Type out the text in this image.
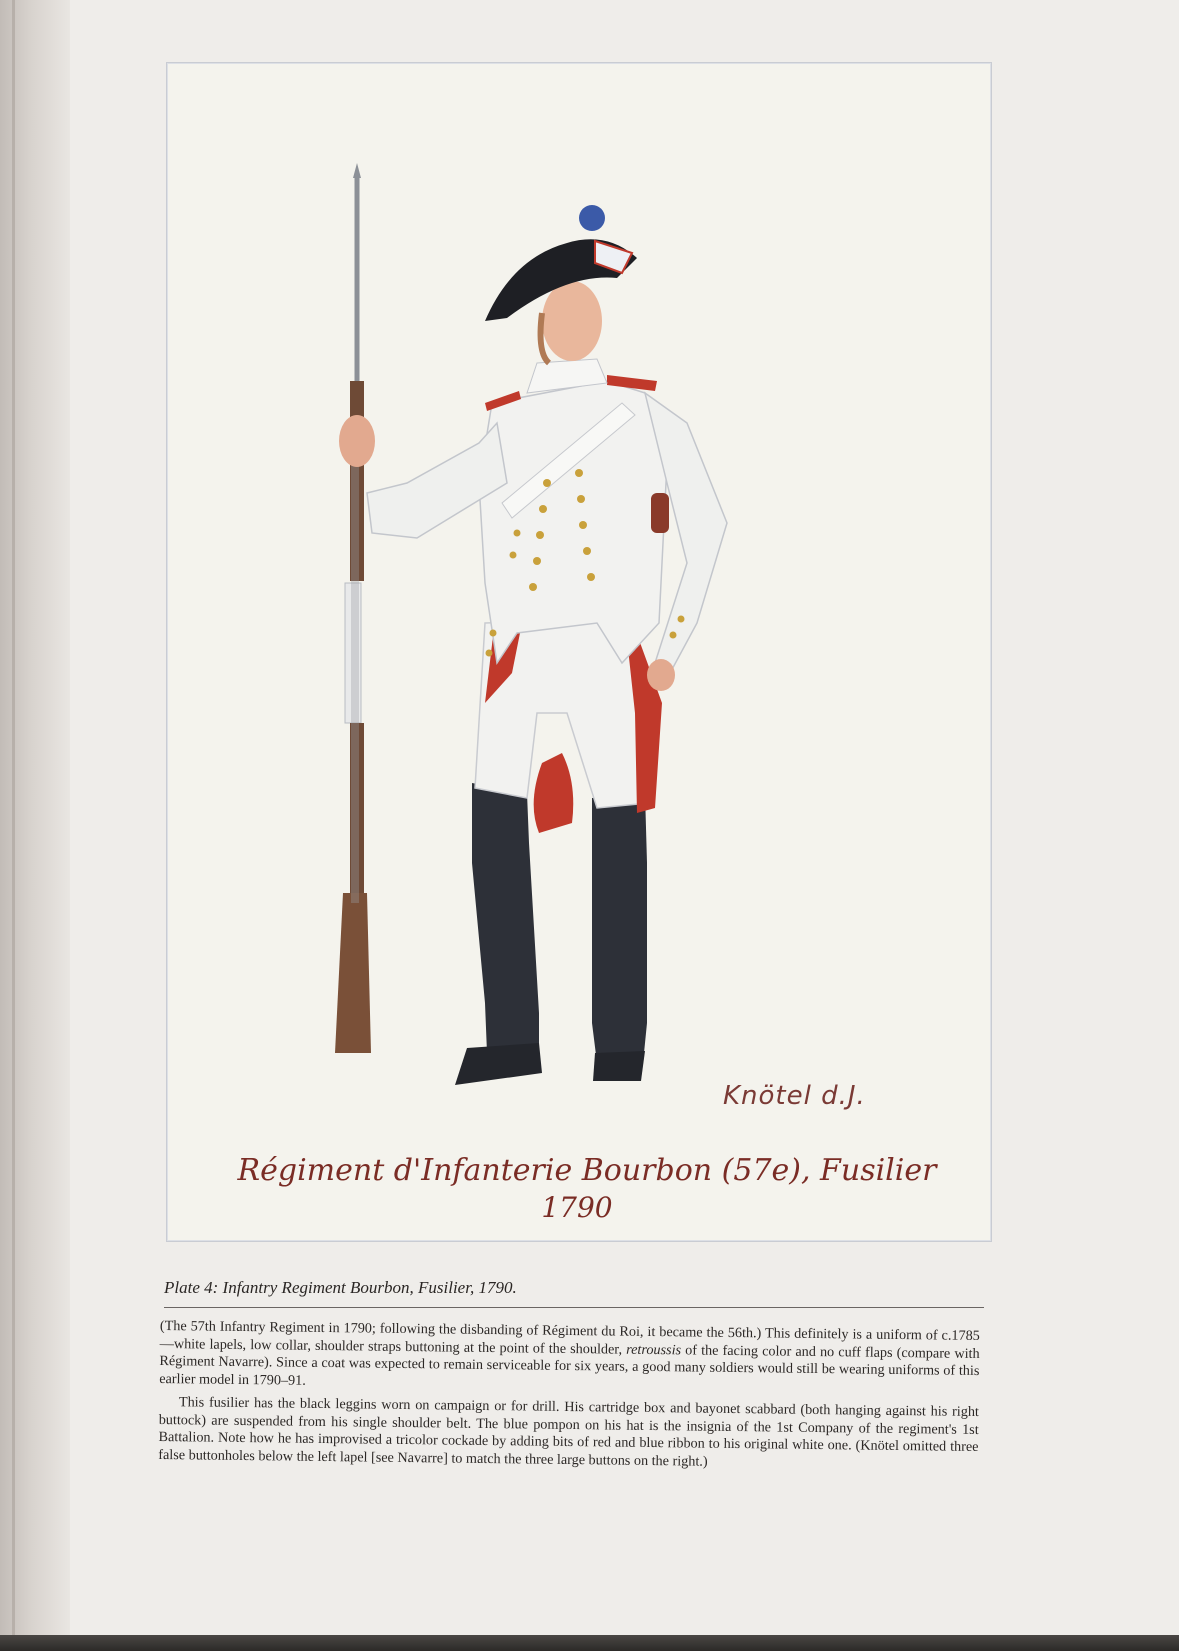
Knötel d.J.
Régiment d'Infanterie Bourbon (57e), Fusilier
1790
Plate 4: Infantry Regiment Bourbon, Fusilier, 1790.

(The 57th Infantry Regiment in 1790; following the disbanding of Régiment du Roi, it became the 56th.) This definitely is a uniform of c.1785—white lapels, low collar, shoulder straps buttoning at the point of the shoulder, retroussis of the facing color and no cuff flaps (compare with Régiment Navarre). Since a coat was expected to remain serviceable for six years, a good many soldiers would still be wearing uniforms of this earlier model in 1790–91.

This fusilier has the black leggins worn on campaign or for drill. His cartridge box and bayonet scabbard (both hanging against his right buttock) are suspended from his single shoulder belt. The blue pompon on his hat is the insignia of the 1st Company of the regiment's 1st Battalion. Note how he has improvised a tricolor cockade by adding bits of red and blue ribbon to his original white one. (Knötel omitted three false buttonholes below the left lapel [see Navarre] to match the three large buttons on the right.)
